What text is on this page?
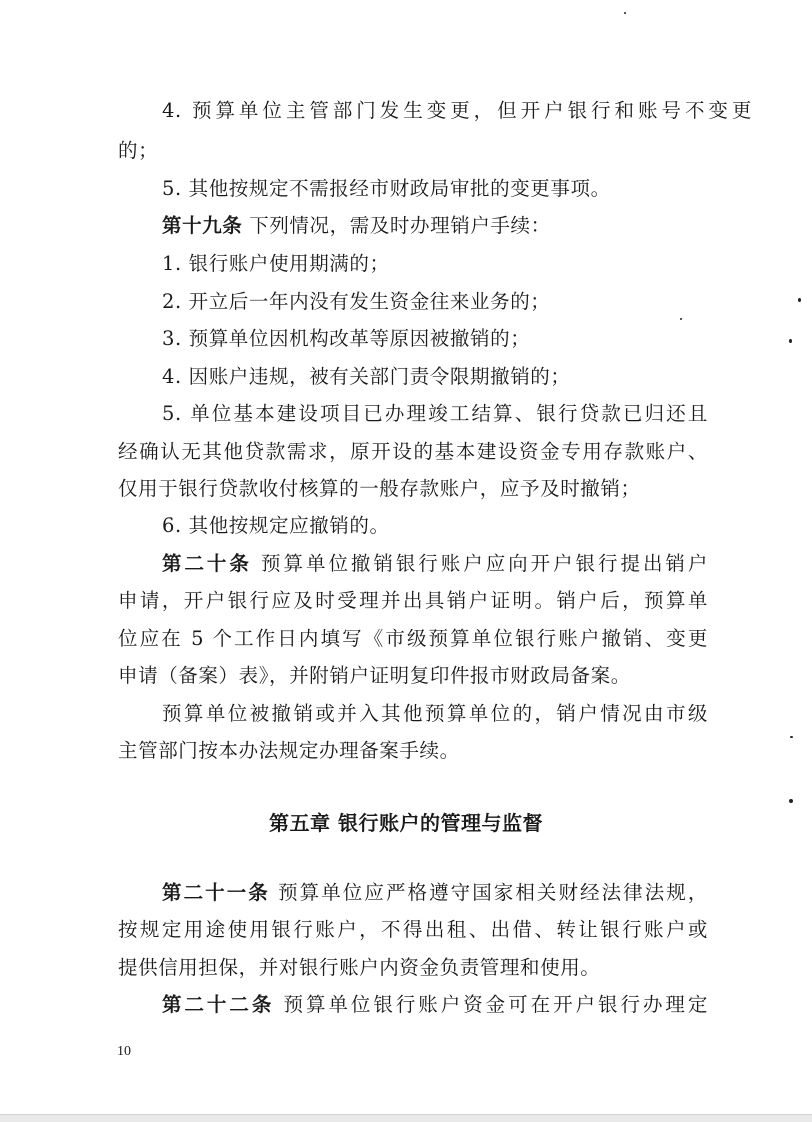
4. 预算单位主管部门发生变更，但开户银行和账号不变更
的；
5. 其他按规定不需报经市财政局审批的变更事项。
第十九条 下列情况，需及时办理销户手续：
1. 银行账户使用期满的；
2. 开立后一年内没有发生资金往来业务的；
3. 预算单位因机构改革等原因被撤销的；
4. 因账户违规，被有关部门责令限期撤销的；
5. 单位基本建设项目已办理竣工结算、银行贷款已归还且
经确认无其他贷款需求，原开设的基本建设资金专用存款账户、
仅用于银行贷款收付核算的一般存款账户，应予及时撤销；
6. 其他按规定应撤销的。
第二十条 预算单位撤销银行账户应向开户银行提出销户
申请，开户银行应及时受理并出具销户证明。销户后，预算单
位应在 5 个工作日内填写《市级预算单位银行账户撤销、变更
申请（备案）表》，并附销户证明复印件报市财政局备案。
预算单位被撤销或并入其他预算单位的，销户情况由市级
主管部门按本办法规定办理备案手续。
第五章 银行账户的管理与监督
第二十一条 预算单位应严格遵守国家相关财经法律法规，
按规定用途使用银行账户，不得出租、出借、转让银行账户或
提供信用担保，并对银行账户内资金负责管理和使用。
第二十二条 预算单位银行账户资金可在开户银行办理定
10
